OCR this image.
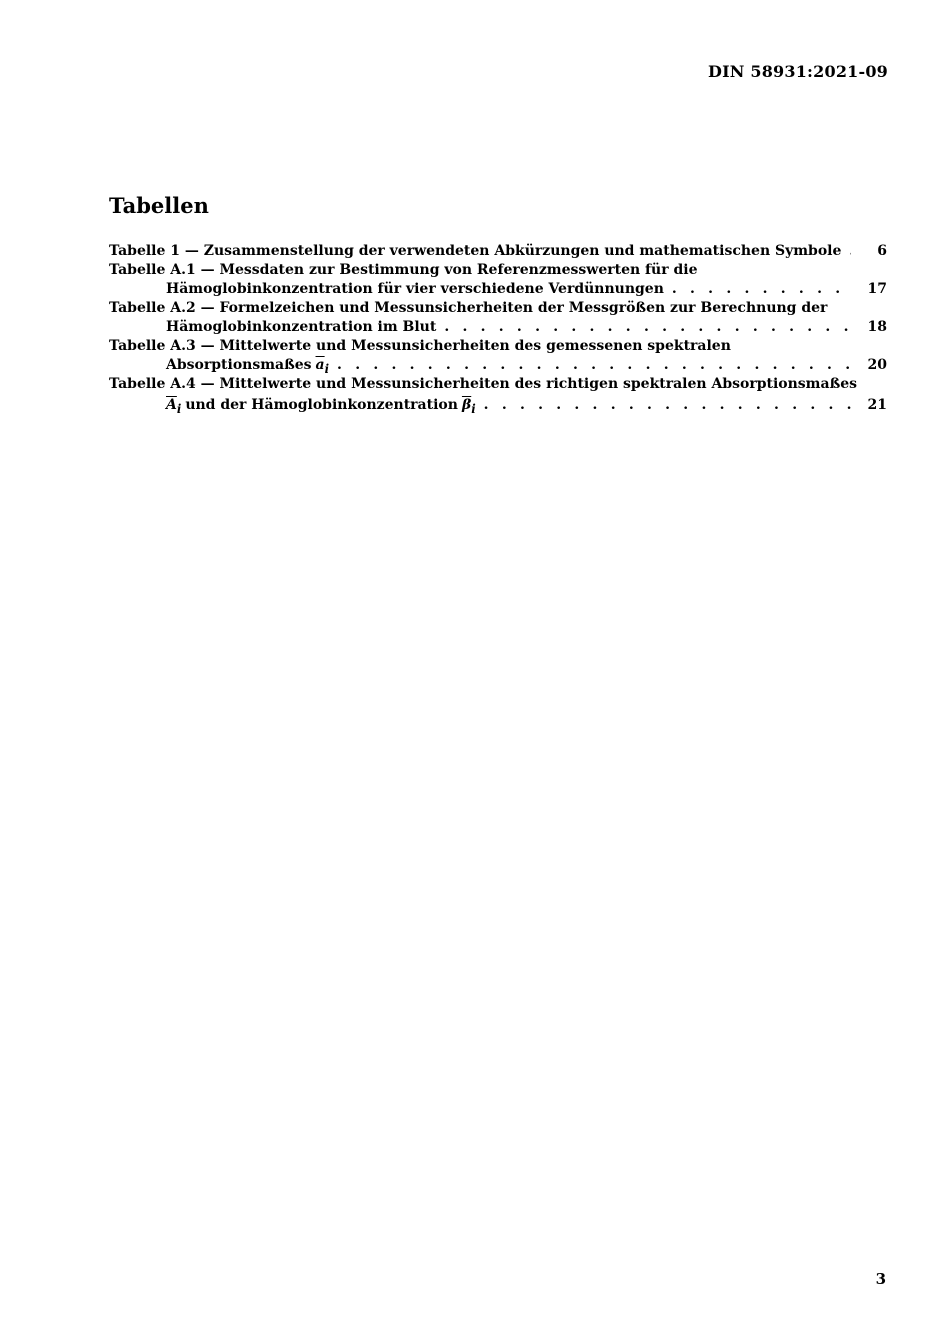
DIN 58931:2021-09
Tabellen
Tabelle 1 — Zusammenstellung der verwendeten Abkürzungen und mathematischen Symbole . . .	6
Tabelle A.1 — Messdaten zur Bestimmung von Referenzmesswerten für die
Hämoglobinkonzentration für vier verschiedene Verdünnungen . . .	17
Tabelle A.2 — Formelzeichen und Messunsicherheiten der Messgrößen zur Berechnung der
Hämoglobinkonzentration im Blut . . .	18
Tabelle A.3 — Mittelwerte und Messunsicherheiten des gemessenen spektralen
Absorptionsmaßes $\overline{a}_i$ . . .	20
Tabelle A.4 — Mittelwerte und Messunsicherheiten des richtigen spektralen Absorptionsmaßes
$\overline{A}_i$ und der Hämoglobinkonzentration $\overline{\beta}_i$ . . .	21
3
